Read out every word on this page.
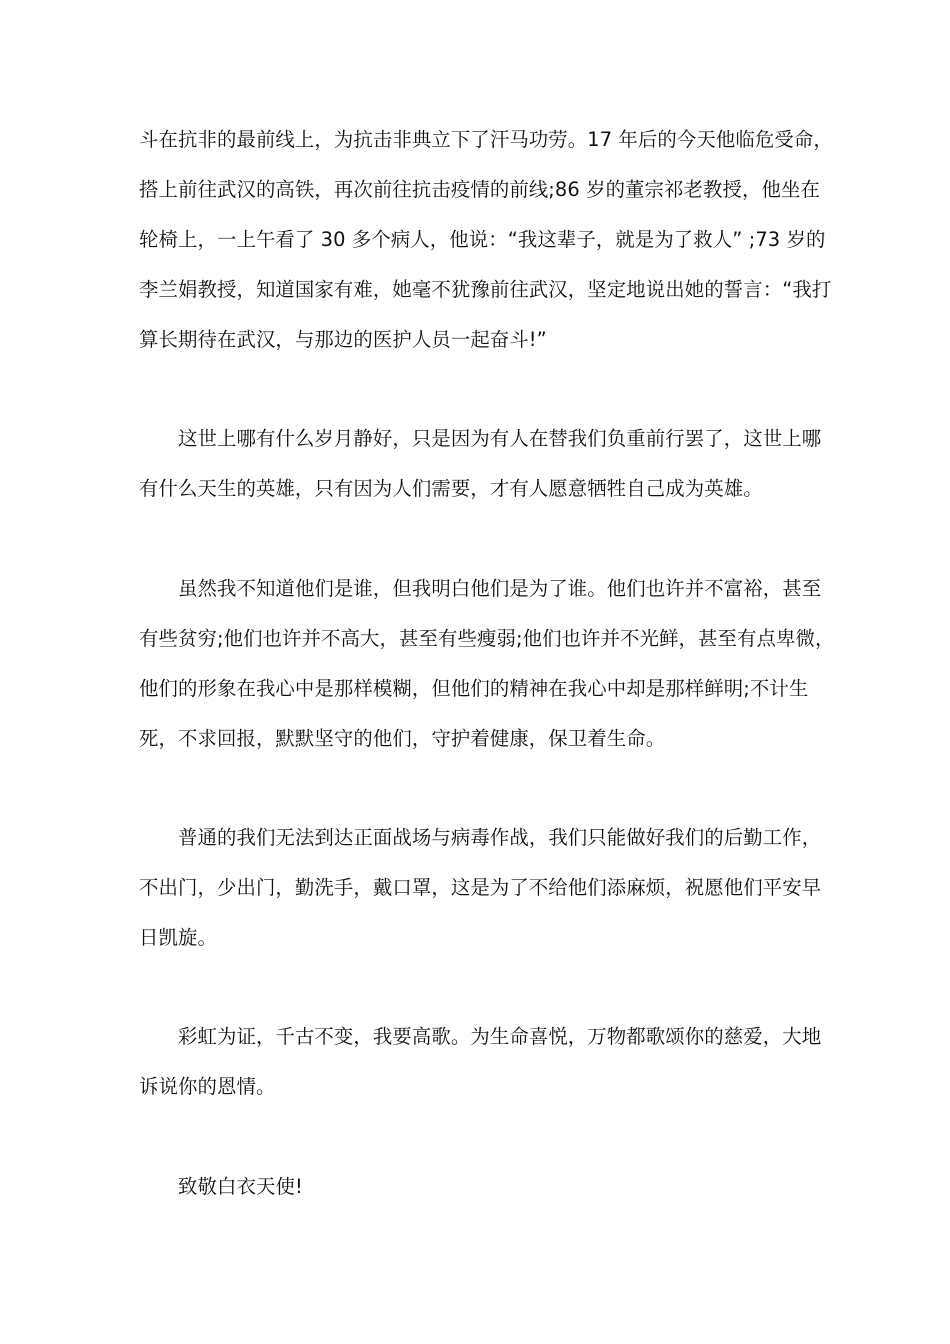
斗在抗非的最前线上，为抗击非典立下了汗马功劳。17 年后的今天他临危受命，
搭上前往武汉的高铁，再次前往抗击疫情的前线;86 岁的董宗祁老教授，他坐在
轮椅上，一上午看了 30 多个病人，他说：“我这辈子，就是为了救人” ;73 岁的
李兰娟教授，知道国家有难，她毫不犹豫前往武汉，坚定地说出她的誓言：“我打
算长期待在武汉，与那边的医护人员一起奋斗!”
这世上哪有什么岁月静好，只是因为有人在替我们负重前行罢了，这世上哪
有什么天生的英雄，只有因为人们需要，才有人愿意牺牲自己成为英雄。
虽然我不知道他们是谁，但我明白他们是为了谁。他们也许并不富裕，甚至
有些贫穷;他们也许并不高大，甚至有些瘦弱;他们也许并不光鲜，甚至有点卑微，
他们的形象在我心中是那样模糊，但他们的精神在我心中却是那样鲜明;不计生
死，不求回报，默默坚守的他们，守护着健康，保卫着生命。
普通的我们无法到达正面战场与病毒作战，我们只能做好我们的后勤工作，
不出门，少出门，勤洗手，戴口罩，这是为了不给他们添麻烦，祝愿他们平安早
日凯旋。
彩虹为证，千古不变，我要高歌。为生命喜悦，万物都歌颂你的慈爱，大地
诉说你的恩情。
致敬白衣天使!
